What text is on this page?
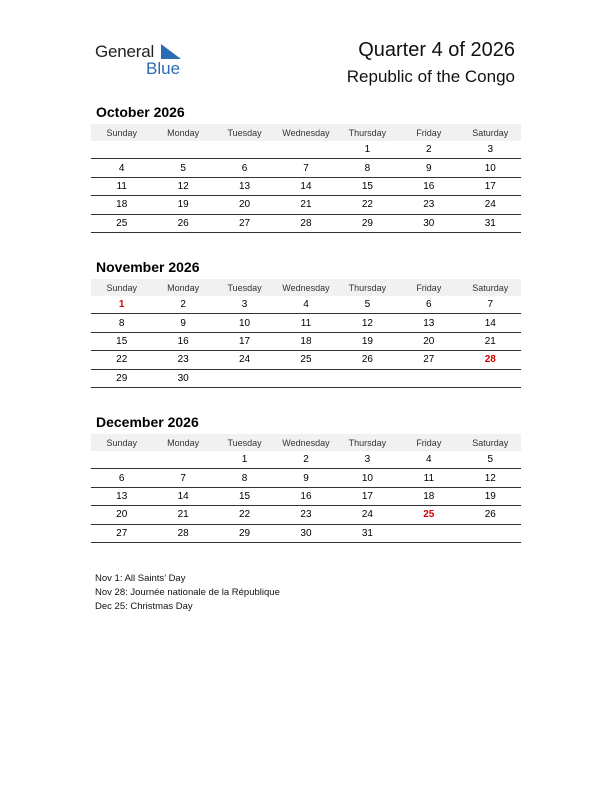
General
Blue
Quarter 4 of 2026
Republic of the Congo
October 2026
Sunday	Monday	Tuesday	Wednesday	Thursday	Friday	Saturday
				1	2	3
4	5	6	7	8	9	10
11	12	13	14	15	16	17
18	19	20	21	22	23	24
25	26	27	28	29	30	31
November 2026
Sunday	Monday	Tuesday	Wednesday	Thursday	Friday	Saturday
1	2	3	4	5	6	7
8	9	10	11	12	13	14
15	16	17	18	19	20	21
22	23	24	25	26	27	28
29	30					
December 2026
Sunday	Monday	Tuesday	Wednesday	Thursday	Friday	Saturday
		1	2	3	4	5
6	7	8	9	10	11	12
13	14	15	16	17	18	19
20	21	22	23	24	25	26
27	28	29	30	31		
Nov 1: All Saints’ Day
Nov 28: Journée nationale de la République
Dec 25: Christmas Day
